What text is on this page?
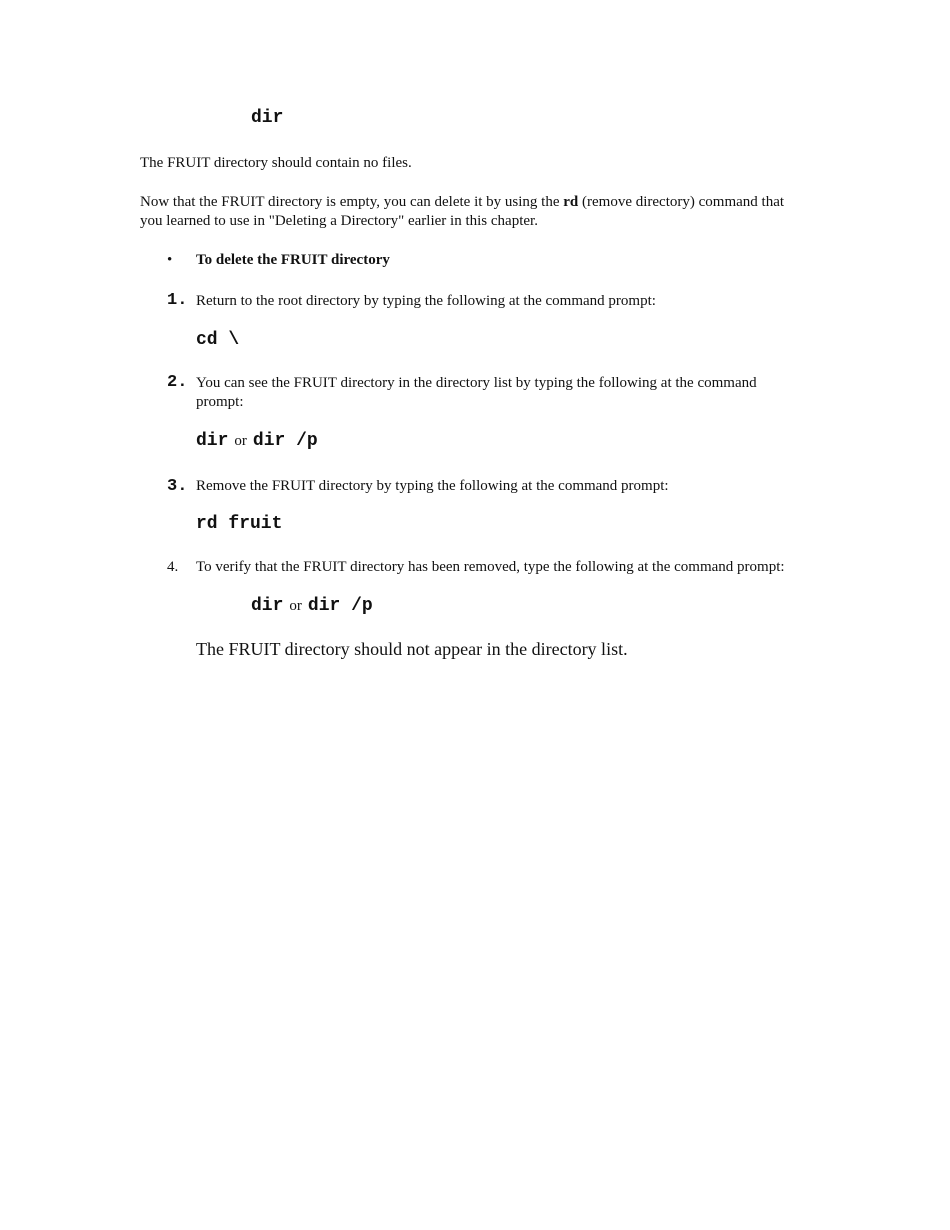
dir
The FRUIT directory should contain no files.
Now that the FRUIT directory is empty, you can delete it by using the rd (remove directory) command that
you learned to use in "Deleting a Directory" earlier in this chapter.
• To delete the FRUIT directory
1. Return to the root directory by typing the following at the command prompt:
cd \
2. You can see the FRUIT directory in the directory list by typing the following at the command
prompt:
dir or dir /p
3. Remove the FRUIT directory by typing the following at the command prompt:
rd fruit
4. To verify that the FRUIT directory has been removed, type the following at the command prompt:
dir or dir /p
The FRUIT directory should not appear in the directory list.
